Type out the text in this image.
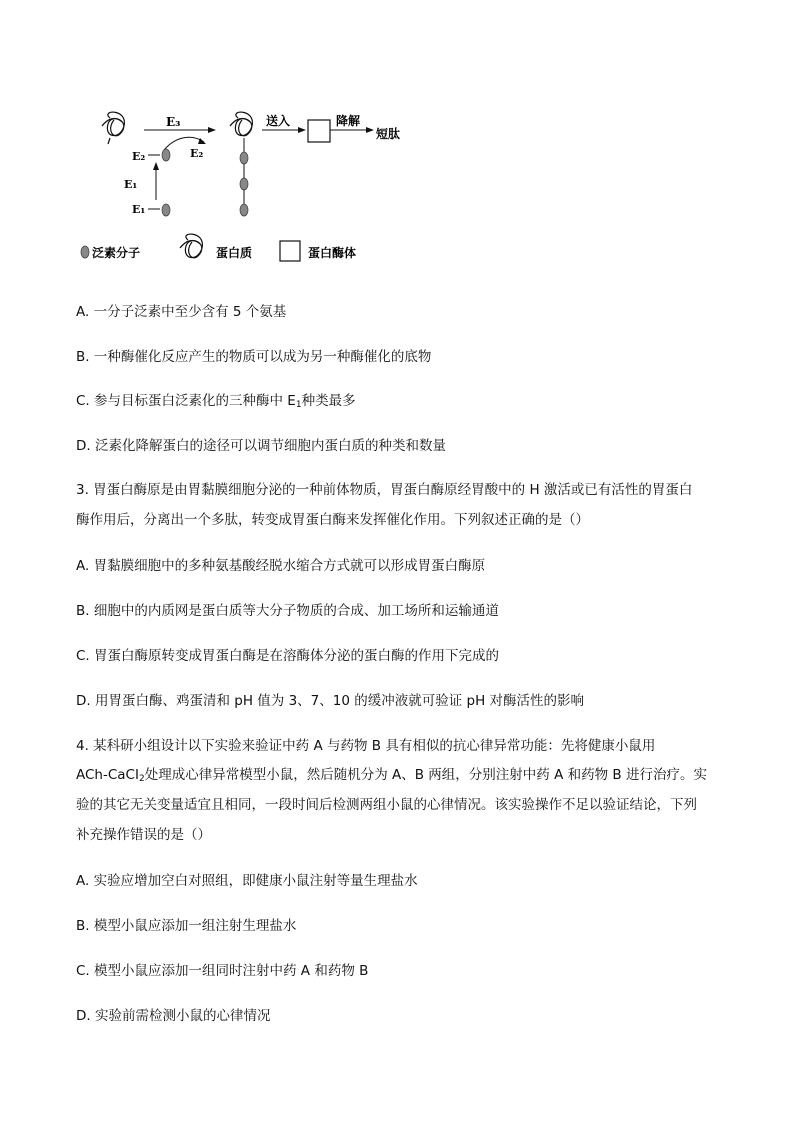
E₃
E₂
E₂
E₁
E₁
送入	降解
短肽
泛素分子	蛋白质	蛋白酶体
A. 一分子泛素中至少含有 5 个氨基
B. 一种酶催化反应产生的物质可以成为另一种酶催化的底物
C. 参与目标蛋白泛素化的三种酶中 $E_1$种类最多
D. 泛素化降解蛋白的途径可以调节细胞内蛋白质的种类和数量
3. 胃蛋白酶原是由胃黏膜细胞分泌的一种前体物质，胃蛋白酶原经胃酸中的 H 激活或已有活性的胃蛋白
酶作用后，分离出一个多肽，转变成胃蛋白酶来发挥催化作用。下列叙述正确的是（）
A. 胃黏膜细胞中的多种氨基酸经脱水缩合方式就可以形成胃蛋白酶原
B. 细胞中的内质网是蛋白质等大分子物质的合成、加工场所和运输通道
C. 胃蛋白酶原转变成胃蛋白酶是在溶酶体分泌的蛋白酶的作用下完成的
D. 用胃蛋白酶、鸡蛋清和 pH 值为 3、7、10 的缓冲液就可验证 pH 对酶活性的影响
4. 某科研小组设计以下实验来验证中药 A 与药物 B 具有相似的抗心律异常功能：先将健康小鼠用
ACh-CaCI$_2$处理成心律异常模型小鼠，然后随机分为 A、B 两组，分别注射中药 A 和药物 B 进行治疗。实
验的其它无关变量适宜且相同，一段时间后检测两组小鼠的心律情况。该实验操作不足以验证结论，下列
补充操作错误的是（）
A. 实验应增加空白对照组，即健康小鼠注射等量生理盐水
B. 模型小鼠应添加一组注射生理盐水
C. 模型小鼠应添加一组同时注射中药 A 和药物 B
D. 实验前需检测小鼠的心律情况
